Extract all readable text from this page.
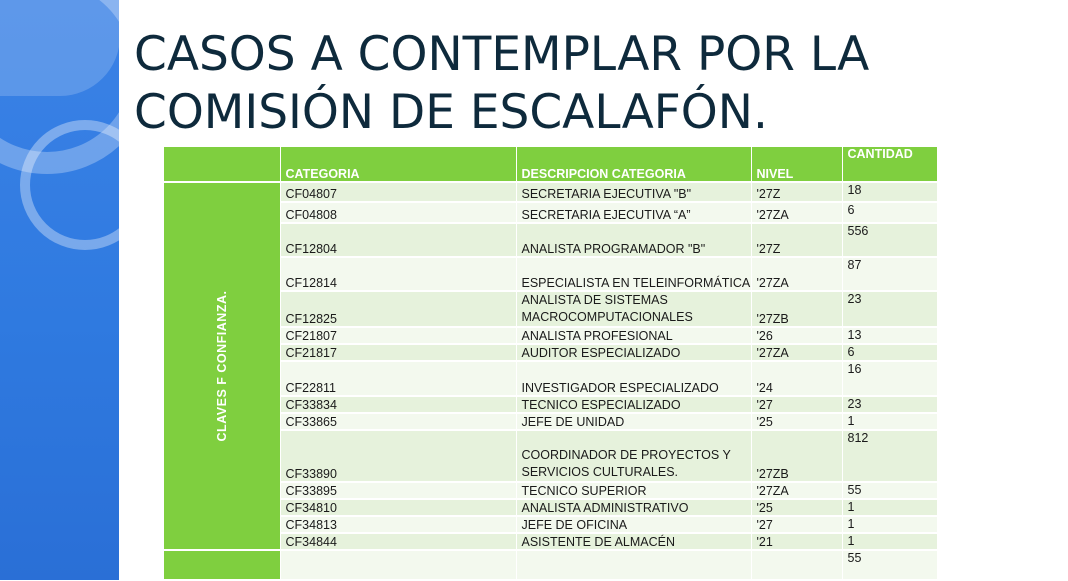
CASOS A CONTEMPLAR POR LA
COMISIÓN DE ESCALAFÓN.
	CATEGORIA	DESCRIPCION CATEGORIA	NIVEL	CANTIDAD

CLAVES F CONFIANZA.	CF04807	SECRETARIA EJECUTIVA "B"	'27Z	18
	CF04808	SECRETARIA EJECUTIVA “A”	'27ZA	6
	CF12804	ANALISTA PROGRAMADOR "B"	'27Z	556
	CF12814	ESPECIALISTA EN TELEINFORMÁTICA	'27ZA	87
	CF12825	ANALISTA DE SISTEMAS
MACROCOMPUTACIONALES	'27ZB	23
	CF21807	ANALISTA PROFESIONAL	'26	13
	CF21817	AUDITOR ESPECIALIZADO	'27ZA	6
	CF22811	INVESTIGADOR ESPECIALIZADO	'24	16
	CF33834	TECNICO ESPECIALIZADO	'27	23
	CF33865	JEFE DE UNIDAD	'25	1
	CF33890	COORDINADOR DE PROYECTOS Y
SERVICIOS CULTURALES.	'27ZB	812
	CF33895	TECNICO SUPERIOR	'27ZA	55
	CF34810	ANALISTA ADMINISTRATIVO	'25	1
	CF34813	JEFE DE OFICINA	'27	1
	CF34844	ASISTENTE DE ALMACÉN	'21	1
				55
